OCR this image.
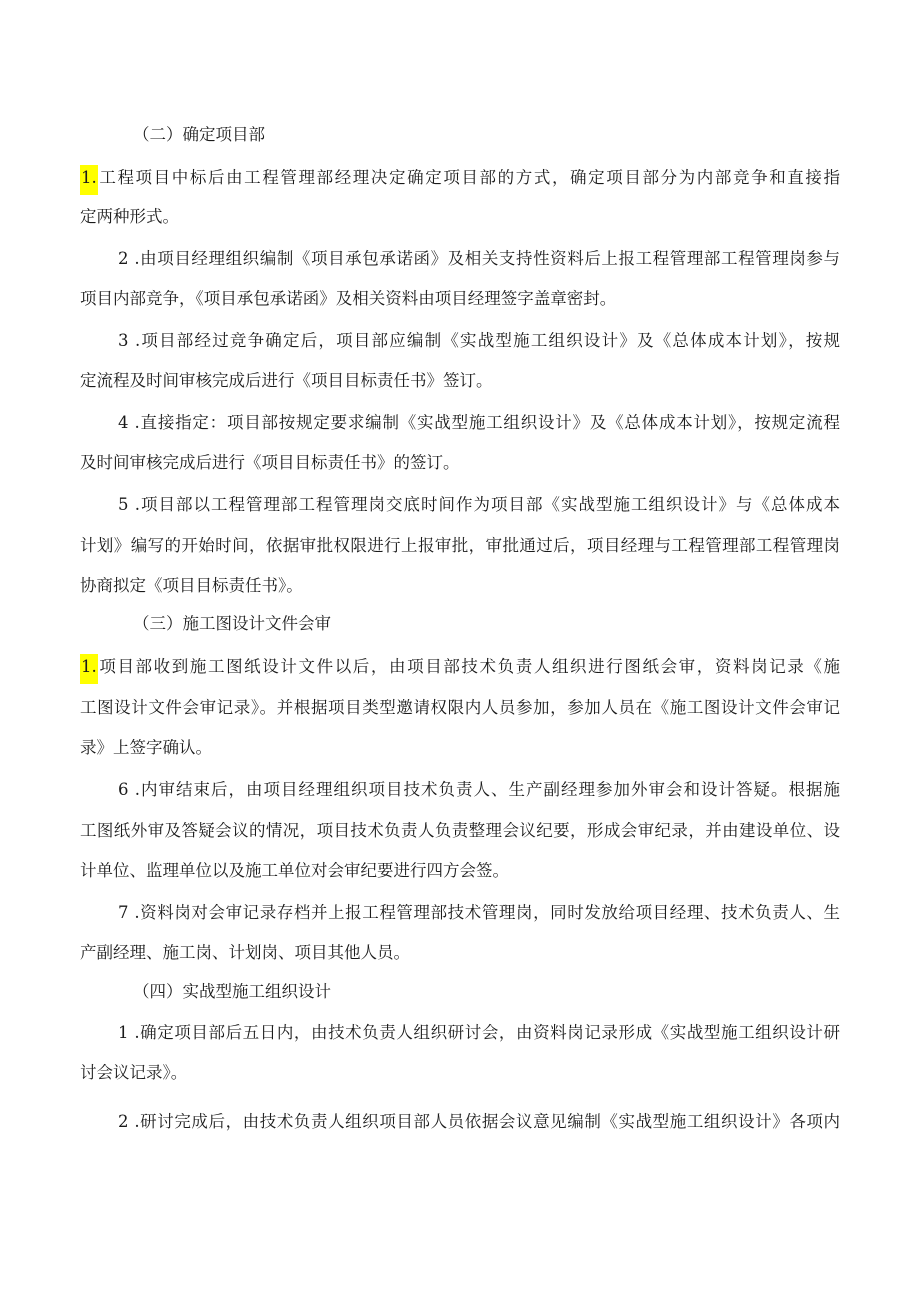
（二）确定项目部
1.工程项目中标后由工程管理部经理决定确定项目部的方式，确定项目部分为内部竞争和直接指
定两种形式。
2 .由项目经理组织编制《项目承包承诺函》及相关支持性资料后上报工程管理部工程管理岗参与
项目内部竞争，《项目承包承诺函》及相关资料由项目经理签字盖章密封。
3 .项目部经过竞争确定后，项目部应编制《实战型施工组织设计》及《总体成本计划》，按规
定流程及时间审核完成后进行《项目目标责任书》签订。
4 .直接指定：项目部按规定要求编制《实战型施工组织设计》及《总体成本计划》，按规定流程
及时间审核完成后进行《项目目标责任书》的签订。
5 .项目部以工程管理部工程管理岗交底时间作为项目部《实战型施工组织设计》与《总体成本
计划》编写的开始时间，依据审批权限进行上报审批，审批通过后，项目经理与工程管理部工程管理岗
协商拟定《项目目标责任书》。
（三）施工图设计文件会审
1.项目部收到施工图纸设计文件以后，由项目部技术负责人组织进行图纸会审，资料岗记录《施
工图设计文件会审记录》。并根据项目类型邀请权限内人员参加，参加人员在《施工图设计文件会审记
录》上签字确认。
6 .内审结束后，由项目经理组织项目技术负责人、生产副经理参加外审会和设计答疑。根据施
工图纸外审及答疑会议的情况，项目技术负责人负责整理会议纪要，形成会审纪录，并由建设单位、设
计单位、监理单位以及施工单位对会审纪要进行四方会签。
7 .资料岗对会审记录存档并上报工程管理部技术管理岗，同时发放给项目经理、技术负责人、生
产副经理、施工岗、计划岗、项目其他人员。
（四）实战型施工组织设计
1 .确定项目部后五日内，由技术负责人组织研讨会，由资料岗记录形成《实战型施工组织设计研
讨会议记录》。
2 .研讨完成后，由技术负责人组织项目部人员依据会议意见编制《实战型施工组织设计》各项内
